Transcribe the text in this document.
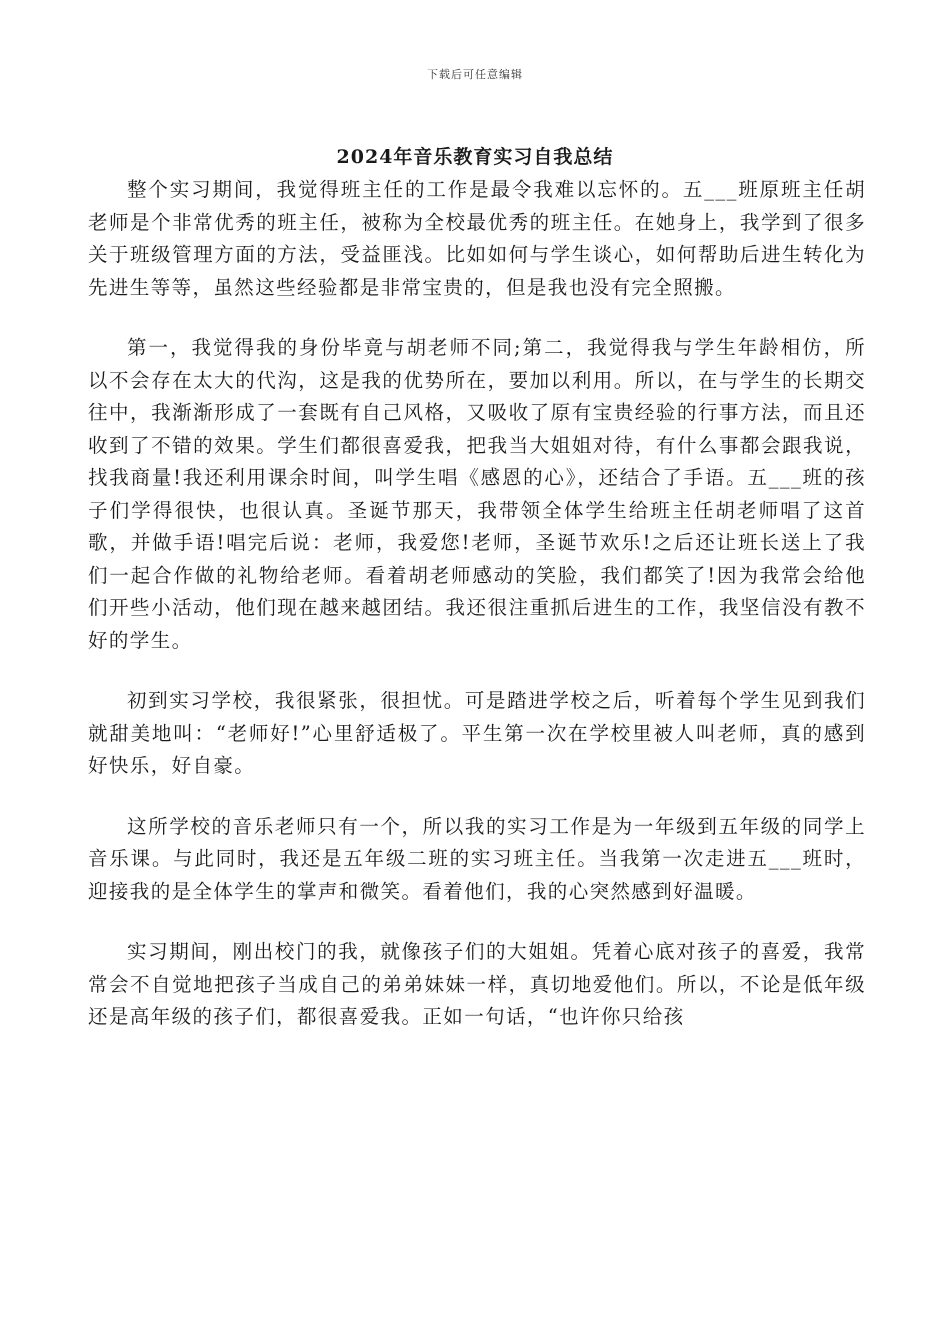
下载后可任意编辑
2024年音乐教育实习自我总结

整个实习期间，我觉得班主任的工作是最令我难以忘怀的。五___班原班主任胡老师是个非常优秀的班主任，被称为全校最优秀的班主任。在她身上，我学到了很多关于班级管理方面的方法，受益匪浅。比如如何与学生谈心，如何帮助后进生转化为先进生等等，虽然这些经验都是非常宝贵的，但是我也没有完全照搬。

第一，我觉得我的身份毕竟与胡老师不同;第二，我觉得我与学生年龄相仿，所以不会存在太大的代沟，这是我的优势所在，要加以利用。所以，在与学生的长期交往中，我渐渐形成了一套既有自己风格，又吸收了原有宝贵经验的行事方法，而且还收到了不错的效果。学生们都很喜爱我，把我当大姐姐对待，有什么事都会跟我说，找我商量!我还利用课余时间，叫学生唱《感恩的心》，还结合了手语。五___班的孩子们学得很快，也很认真。圣诞节那天，我带领全体学生给班主任胡老师唱了这首歌，并做手语!唱完后说：老师，我爱您!老师，圣诞节欢乐!之后还让班长送上了我们一起合作做的礼物给老师。看着胡老师感动的笑脸，我们都笑了!因为我常会给他们开些小活动，他们现在越来越团结。我还很注重抓后进生的工作，我坚信没有教不好的学生。

初到实习学校，我很紧张，很担忧。可是踏进学校之后，听着每个学生见到我们就甜美地叫：“老师好!”心里舒适极了。平生第一次在学校里被人叫老师，真的感到好快乐，好自豪。

这所学校的音乐老师只有一个，所以我的实习工作是为一年级到五年级的同学上音乐课。与此同时，我还是五年级二班的实习班主任。当我第一次走进五___班时，迎接我的是全体学生的掌声和微笑。看着他们，我的心突然感到好温暖。

实习期间，刚出校门的我，就像孩子们的大姐姐。凭着心底对孩子的喜爱，我常常会不自觉地把孩子当成自己的弟弟妹妹一样，真切地爱他们。所以，不论是低年级还是高年级的孩子们，都很喜爱我。正如一句话，“也许你只给孩
